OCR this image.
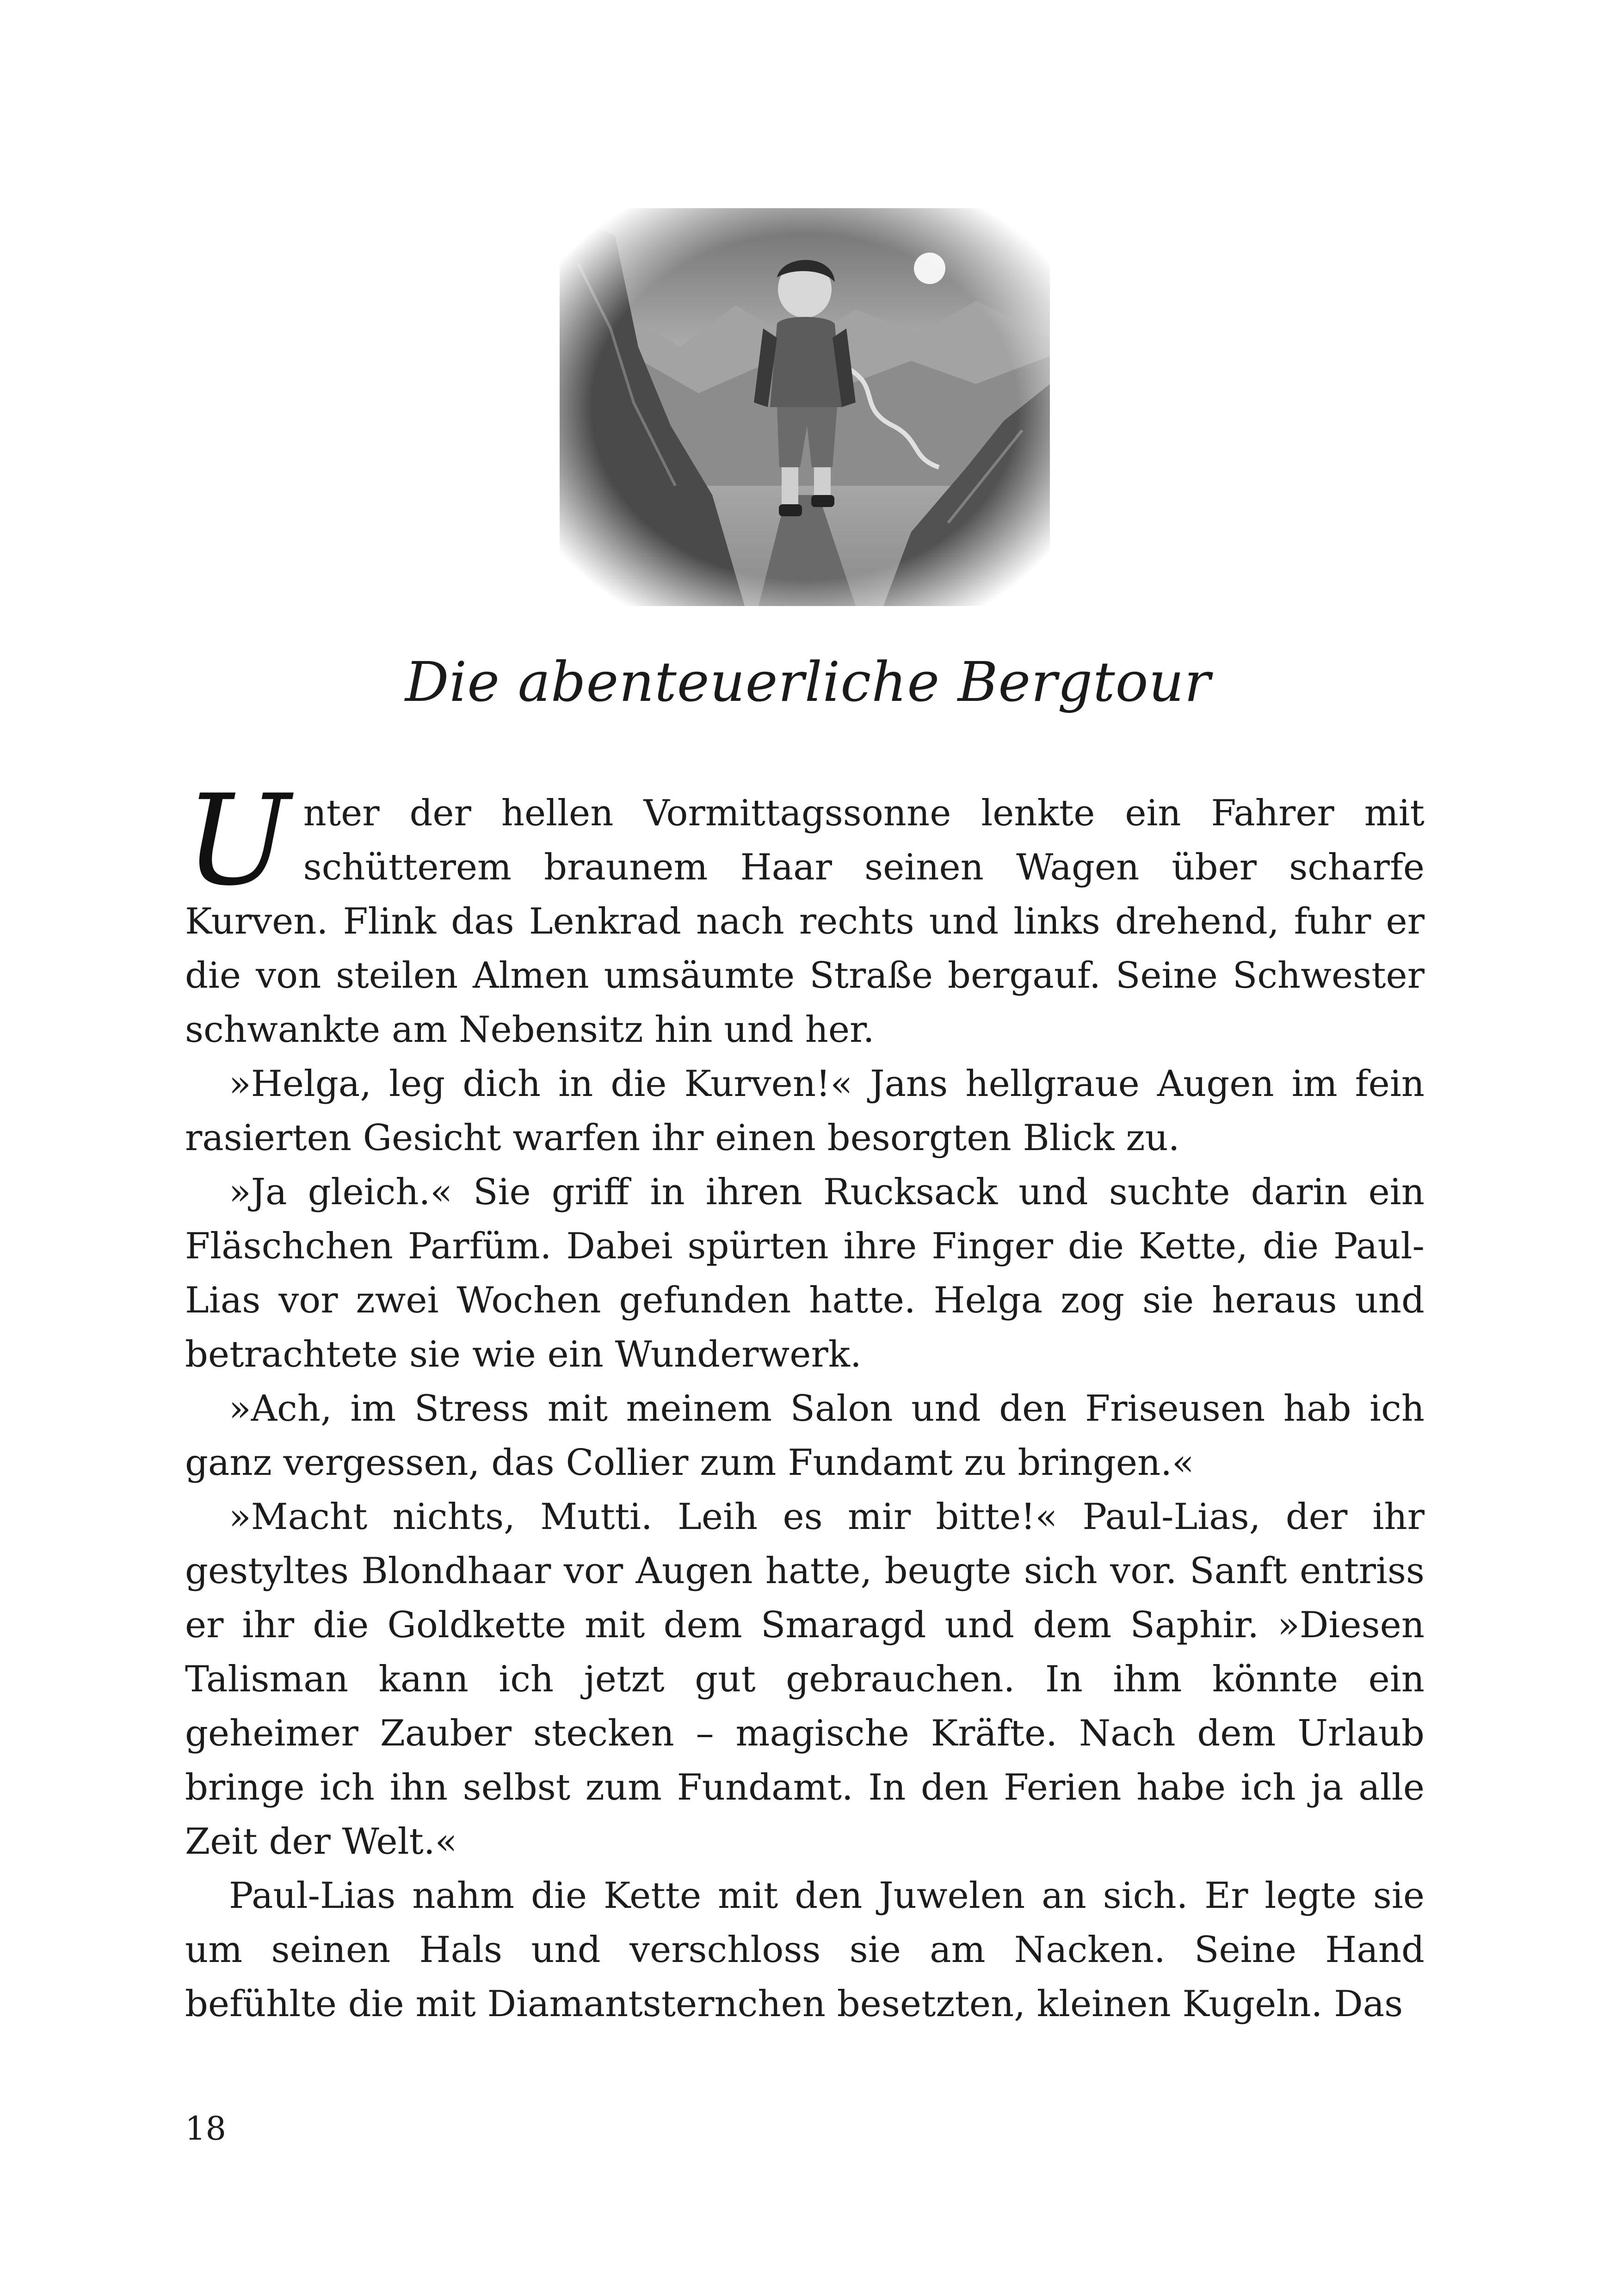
Die abenteuerliche Bergtour

Unter der hellen Vormittagssonne lenkte ein Fahrer mit schütterem braunem Haar seinen Wagen über scharfe Kurven. Flink das Lenkrad nach rechts und links drehend, fuhr er die von steilen Almen umsäumte Straße bergauf. Seine Schwester schwankte am Nebensitz hin und her.

»Helga, leg dich in die Kurven!« Jans hellgraue Augen im fein rasierten Gesicht warfen ihr einen besorgten Blick zu.

»Ja gleich.« Sie griff in ihren Rucksack und suchte darin ein Fläschchen Parfüm. Dabei spürten ihre Finger die Kette, die Paul-Lias vor zwei Wochen gefunden hatte. Helga zog sie heraus und betrachtete sie wie ein Wunderwerk.

»Ach, im Stress mit meinem Salon und den Friseusen hab ich ganz vergessen, das Collier zum Fundamt zu bringen.«

»Macht nichts, Mutti. Leih es mir bitte!« Paul-Lias, der ihr gestyltes Blondhaar vor Augen hatte, beugte sich vor. Sanft entriss er ihr die Goldkette mit dem Smaragd und dem Saphir. »Diesen Talisman kann ich jetzt gut gebrauchen. In ihm könnte ein geheimer Zauber stecken – magische Kräfte. Nach dem Urlaub bringe ich ihn selbst zum Fundamt. In den Ferien habe ich ja alle Zeit der Welt.«

Paul-Lias nahm die Kette mit den Juwelen an sich. Er legte sie um seinen Hals und verschloss sie am Nacken. Seine Hand befühlte die mit Diamantsternchen besetzten, kleinen Kugeln. Das

18
